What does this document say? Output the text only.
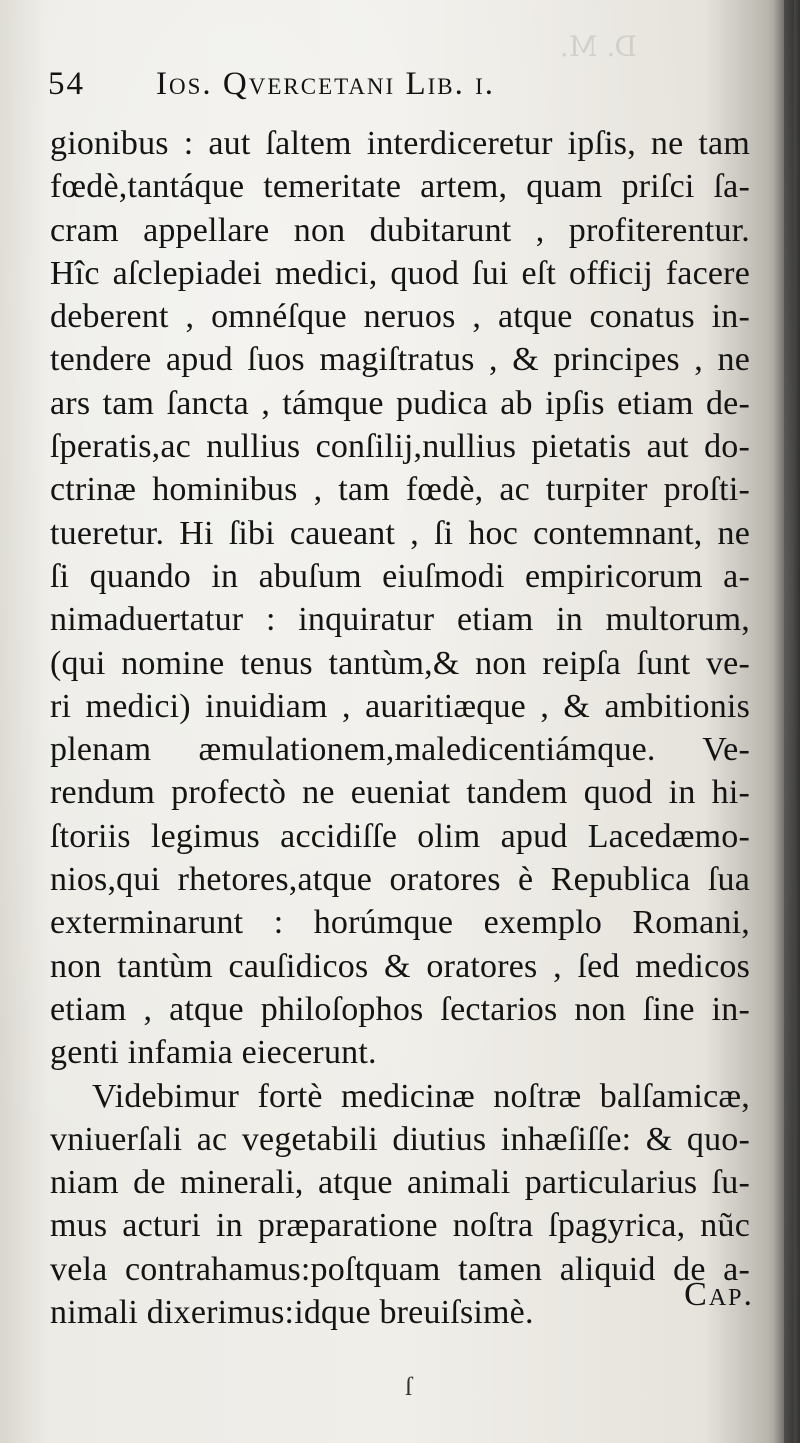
D. M.
54 Ios. Qvercetani Lib. i.
gionibus : aut ſaltem interdiceretur ipſis, ne tam
fœdè,tantáque temeritate artem, quam priſci ſa-
cram appellare non dubitarunt , profiterentur.
Hîc aſclepiadei medici, quod ſui eſt officij facere
deberent , omnéſque neruos , atque conatus in-
tendere apud ſuos magiſtratus , & principes , ne
ars tam ſancta , támque pudica ab ipſis etiam de-
ſperatis,ac nullius conſilij,nullius pietatis aut do-
ctrinæ hominibus , tam fœdè, ac turpiter proſti-
tueretur. Hi ſibi caueant , ſi hoc contemnant, ne
ſi quando in abuſum eiuſmodi empiricorum a-
nimaduertatur : inquiratur etiam in multorum,
(qui nomine tenus tantùm,& non reipſa ſunt ve-
ri medici) inuidiam , auaritiæque , & ambitionis
plenam æmulationem,maledicentiámque. Ve-
rendum profectò ne eueniat tandem quod in hi-
ſtoriis legimus accidiſſe olim apud Lacedæmo-
nios,qui rhetores,atque oratores è Republica ſua
exterminarunt : horúmque exemplo Romani,
non tantùm cauſidicos & oratores , ſed medicos
etiam , atque philoſophos ſectarios non ſine in-
genti infamia eiecerunt.
Videbimur fortè medicinæ noſtræ balſamicæ,
vniuerſali ac vegetabili diutius inhæſiſſe: & quo-
niam de minerali, atque animali particularius ſu-
mus acturi in præparatione noſtra ſpagyrica, nũc
vela contrahamus:poſtquam tamen aliquid de a-
nimali dixerimus:idque breuiſsimè.	Cap.
ſ
